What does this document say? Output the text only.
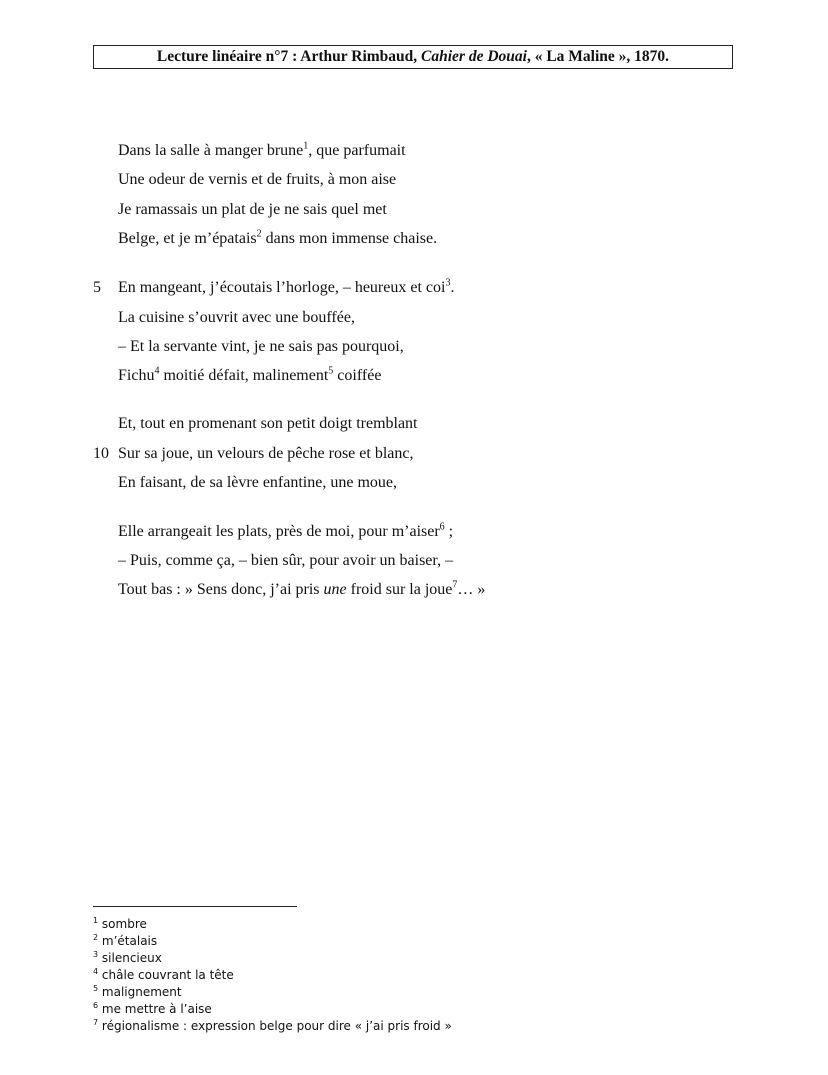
Lecture linéaire n°7 : Arthur Rimbaud, Cahier de Douai, « La Maline », 1870.
Dans la salle à manger brune$^1$, que parfumait
Une odeur de vernis et de fruits, à mon aise
Je ramassais un plat de je ne sais quel met
Belge, et je m’épatais$^2$ dans mon immense chaise.
5 En mangeant, j’écoutais l’horloge, – heureux et coi$^3$.
La cuisine s’ouvrit avec une bouffée,
– Et la servante vint, je ne sais pas pourquoi,
Fichu$^4$ moitié défait, malinement$^5$ coiffée
Et, tout en promenant son petit doigt tremblant
10 Sur sa joue, un velours de pêche rose et blanc,
En faisant, de sa lèvre enfantine, une moue,
Elle arrangeait les plats, près de moi, pour m’aiser$^6$ ;
– Puis, comme ça, – bien sûr, pour avoir un baiser, –
Tout bas : » Sens donc, j’ai pris une froid sur la joue$^7$… »
$^1$ sombre
$^2$ m’étalais
$^3$ silencieux
$^4$ châle couvrant la tête
$^5$ malignement
$^6$ me mettre à l’aise
$^7$ régionalisme : expression belge pour dire « j’ai pris froid »
